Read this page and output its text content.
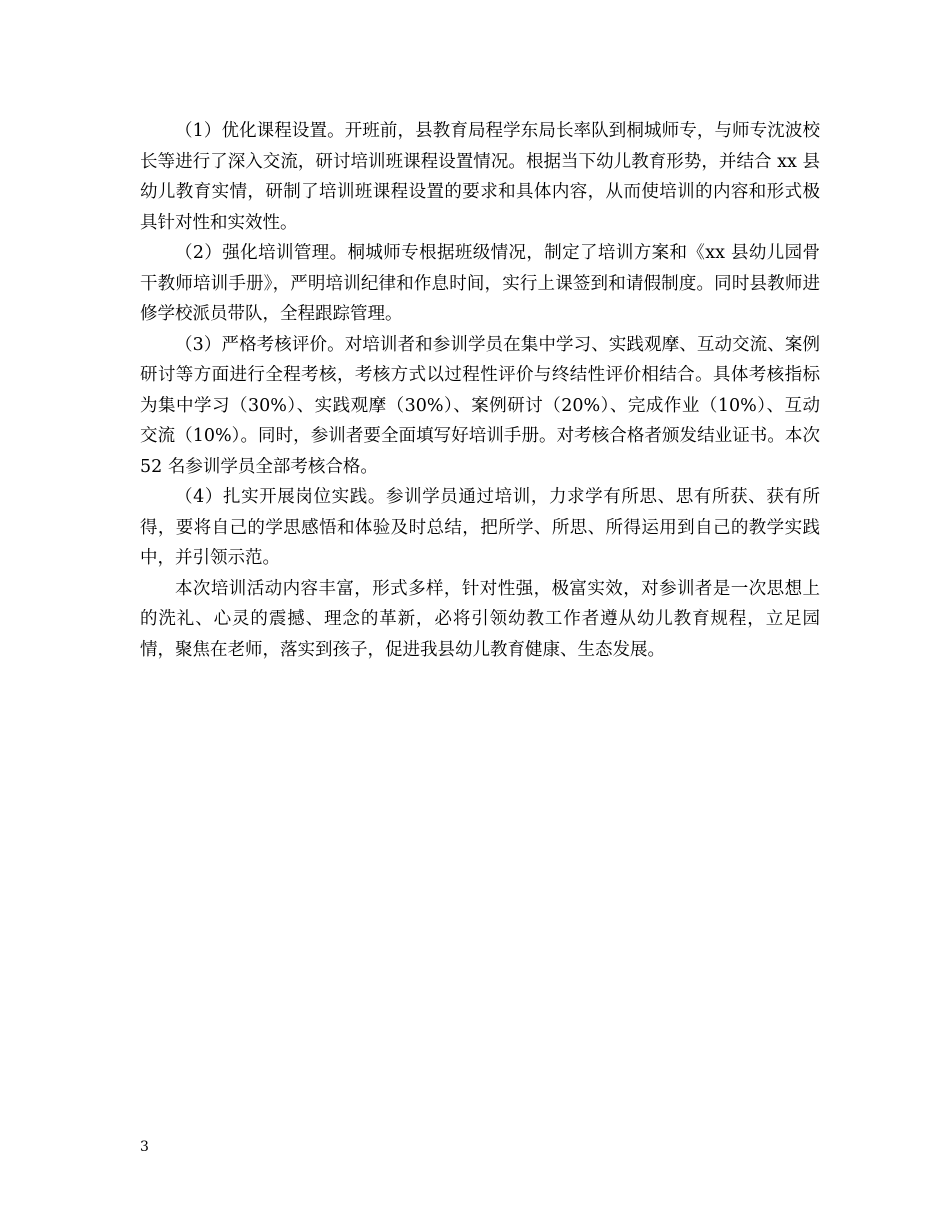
（1）优化课程设置。开班前，县教育局程学东局长率队到桐城师专，与师专沈波校长等进行了深入交流，研讨培训班课程设置情况。根据当下幼儿教育形势，并结合 xx 县幼儿教育实情，研制了培训班课程设置的要求和具体内容，从而使培训的内容和形式极具针对性和实效性。

（2）强化培训管理。桐城师专根据班级情况，制定了培训方案和《xx 县幼儿园骨干教师培训手册》，严明培训纪律和作息时间，实行上课签到和请假制度。同时县教师进修学校派员带队，全程跟踪管理。

（3）严格考核评价。对培训者和参训学员在集中学习、实践观摩、互动交流、案例研讨等方面进行全程考核，考核方式以过程性评价与终结性评价相结合。具体考核指标为集中学习（30%）、实践观摩（30%）、案例研讨（20%）、完成作业（10%）、互动交流（10%）。同时，参训者要全面填写好培训手册。对考核合格者颁发结业证书。本次 52 名参训学员全部考核合格。

（4）扎实开展岗位实践。参训学员通过培训，力求学有所思、思有所获、获有所得，要将自己的学思感悟和体验及时总结，把所学、所思、所得运用到自己的教学实践中，并引领示范。

本次培训活动内容丰富，形式多样，针对性强，极富实效，对参训者是一次思想上的洗礼、心灵的震撼、理念的革新，必将引领幼教工作者遵从幼儿教育规程，立足园情，聚焦在老师，落实到孩子，促进我县幼儿教育健康、生态发展。

3
